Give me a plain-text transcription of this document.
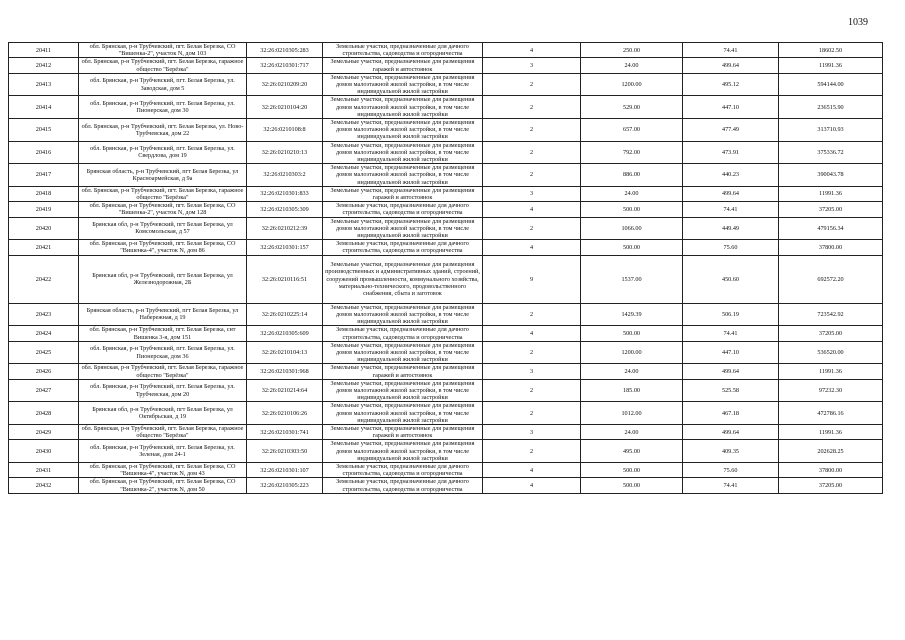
1039
20411	обл. Брянская, р-н Трубчевский, пгт. Белая Березка, СО "Вишенка-2", участок N, дом 103	32:26:0210305:283	Земельные участки, предназначенные для дачного строительства, садоводства и огородничества	4	250.00	74.41	18602.50
20412	обл. Брянская, р-н Трубчевский, пгт. Белая Березка, гаражное общество "Берёзка"	32:26:0210301:717	Земельные участки, предназначенные для размещения гаражей и автостоянок	3	24.00	499.64	11991.36
20413	обл. Брянская, р-н Трубчевский, пгт. Белая Березка, ул. Заводская, дом 5	32:26:0210209:20	Земельные участки, предназначенные для размещения домов малоэтажной жилой застройки, в том числе индивидуальной жилой застройки	2	1200.00	495.12	594144.00
20414	обл. Брянская, р-н Трубчевский, пгт. Белая Березка, ул. Пионерская, дом 30	32:26:0210104:20	Земельные участки, предназначенные для размещения домов малоэтажной жилой застройки, в том числе индивидуальной жилой застройки	2	529.00	447.10	236515.90
20415	обл. Брянская, р-н Трубчевский, пгт. Белая Березка, ул. Ново-Трубчевская, дом 22	32:26:0210108:8	Земельные участки, предназначенные для размещения домов малоэтажной жилой застройки, в том числе индивидуальной жилой застройки	2	657.00	477.49	313710.93
20416	обл. Брянская, р-н Трубчевский, пгт. Белая Березка, ул. Свердлова, дом 19	32:26:0210210:13	Земельные участки, предназначенные для размещения домов малоэтажной жилой застройки, в том числе индивидуальной жилой застройки	2	792.00	473.91	375336.72
20417	Брянская область, р-н Трубчевский, пгт Белая Березка, ул Красноармейская, д 9а	32:26:0210303:2	Земельные участки, предназначенные для размещения домов малоэтажной жилой застройки, в том числе индивидуальной жилой застройки	2	886.00	440.23	390043.78
20418	обл. Брянская, р-н Трубчевский, пгт. Белая Березка, гаражное общество "Берёзка"	32:26:0210301:833	Земельные участки, предназначенные для размещения гаражей и автостоянок	3	24.00	499.64	11991.36
20419	обл. Брянская, р-н Трубчевский, пгт. Белая Березка, СО "Вишенка-2", участок N, дом 128	32:26:0210305:309	Земельные участки, предназначенные для дачного строительства, садоводства и огородничества	4	500.00	74.41	37205.00
20420	Брянская обл, р-н Трубчевский, пгт Белая Березка, ул Комсомольская, д 57	32:26:0210212:39	Земельные участки, предназначенные для размещения домов малоэтажной жилой застройки, в том числе индивидуальной жилой застройки	2	1066.00	449.49	479156.34
20421	обл. Брянская, р-н Трубчевский, пгт. Белая Березка, СО "Вишенка-4", участок N, дом 86	32:26:0210301:157	Земельные участки, предназначенные для дачного строительства, садоводства и огородничества	4	500.00	75.60	37800.00
20422	Брянская обл, р-н Трубчевский, пгт Белая Березка, ул Железнодорожная, 2Б	32:26:0210116:51	Земельные участки, предназначенные для размещения производственных и административных зданий, строений, сооружений промышленности, коммунального хозяйства, материально-технического, продовольственного снабжения, сбыта и заготовок	9	1537.00	450.60	692572.20
20423	Брянская область, р-н Трубчевский, пгт Белая Березка, ул Набережная, д 19	32:26:0210225:14	Земельные участки, предназначенные для размещения домов малоэтажной жилой застройки, в том числе индивидуальной жилой застройки	2	1429.39	506.19	723542.92
20424	обл. Брянская, р-н Трубчевский, пгт. Белая Березка, снт Вишенка 3-я, дом 151	32:26:0210305:609	Земельные участки, предназначенные для дачного строительства, садоводства и огородничества	4	500.00	74.41	37205.00
20425	обл. Брянская, р-н Трубчевский, пгт. Белая Березка, ул. Пионерская, дом 36	32:26:0210104:13	Земельные участки, предназначенные для размещения домов малоэтажной жилой застройки, в том числе индивидуальной жилой застройки	2	1200.00	447.10	536520.00
20426	обл. Брянская, р-н Трубчевский, пгт. Белая Березка, гаражное общество "Берёзка"	32:26:0210301:968	Земельные участки, предназначенные для размещения гаражей и автостоянок	3	24.00	499.64	11991.36
20427	обл. Брянская, р-н Трубчевский, пгт. Белая Березка, ул. Трубчевская, дом 20	32:26:0210214:64	Земельные участки, предназначенные для размещения домов малоэтажной жилой застройки, в том числе индивидуальной жилой застройки	2	185.00	525.58	97232.30
20428	Брянская обл, р-н Трубчевский, пгт Белая Березка, ул Октябрьская, д 19	32:26:0210106:26	Земельные участки, предназначенные для размещения домов малоэтажной жилой застройки, в том числе индивидуальной жилой застройки	2	1012.00	467.18	472786.16
20429	обл. Брянская, р-н Трубчевский, пгт. Белая Березка, гаражное общество "Берёзка"	32:26:0210301:741	Земельные участки, предназначенные для размещения гаражей и автостоянок	3	24.00	499.64	11991.36
20430	обл. Брянская, р-н Трубчевский, пгт. Белая Березка, ул. Зеленая, дом 24-1	32:26:0210303:50	Земельные участки, предназначенные для размещения домов малоэтажной жилой застройки, в том числе индивидуальной жилой застройки	2	495.00	409.35	202628.25
20431	обл. Брянская, р-н Трубчевский, пгт. Белая Березка, СО "Вишенка-4", участок N, дом 43	32:26:0210301:107	Земельные участки, предназначенные для дачного строительства, садоводства и огородничества	4	500.00	75.60	37800.00
20432	обл. Брянская, р-н Трубчевский, пгт. Белая Березка, СО "Вишенка-2", участок N, дом 50	32:26:0210305:223	Земельные участки, предназначенные для дачного строительства, садоводства и огородничества	4	500.00	74.41	37205.00
